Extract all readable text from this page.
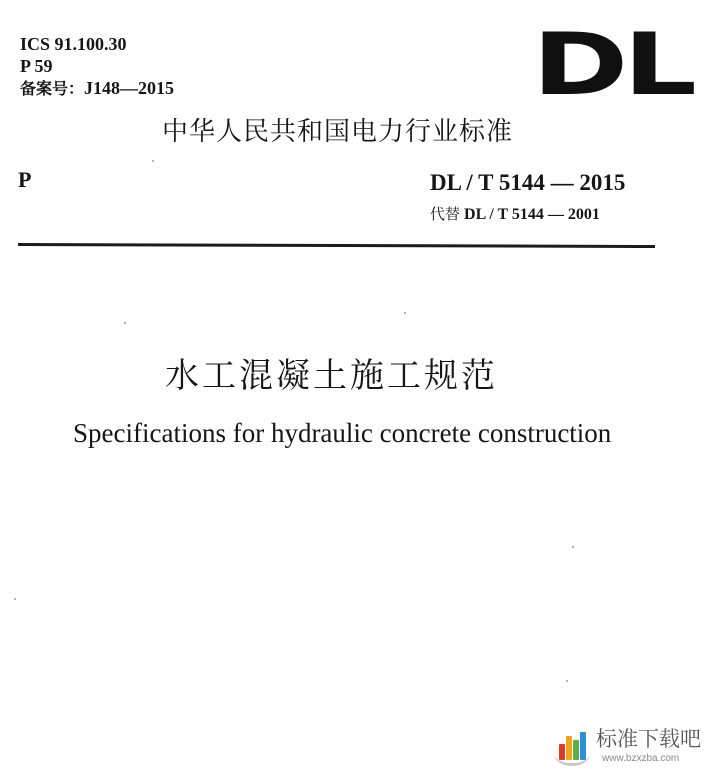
ICS 91.100.30
P 59
备案号：J148—2015	DL
中华人民共和国电力行业标准
P	DL / T 5144 — 2015
代替 DL / T 5144 — 2001
水工混凝土施工规范
Specifications for hydraulic concrete construction
标准下载吧
www.bzxzba.com
